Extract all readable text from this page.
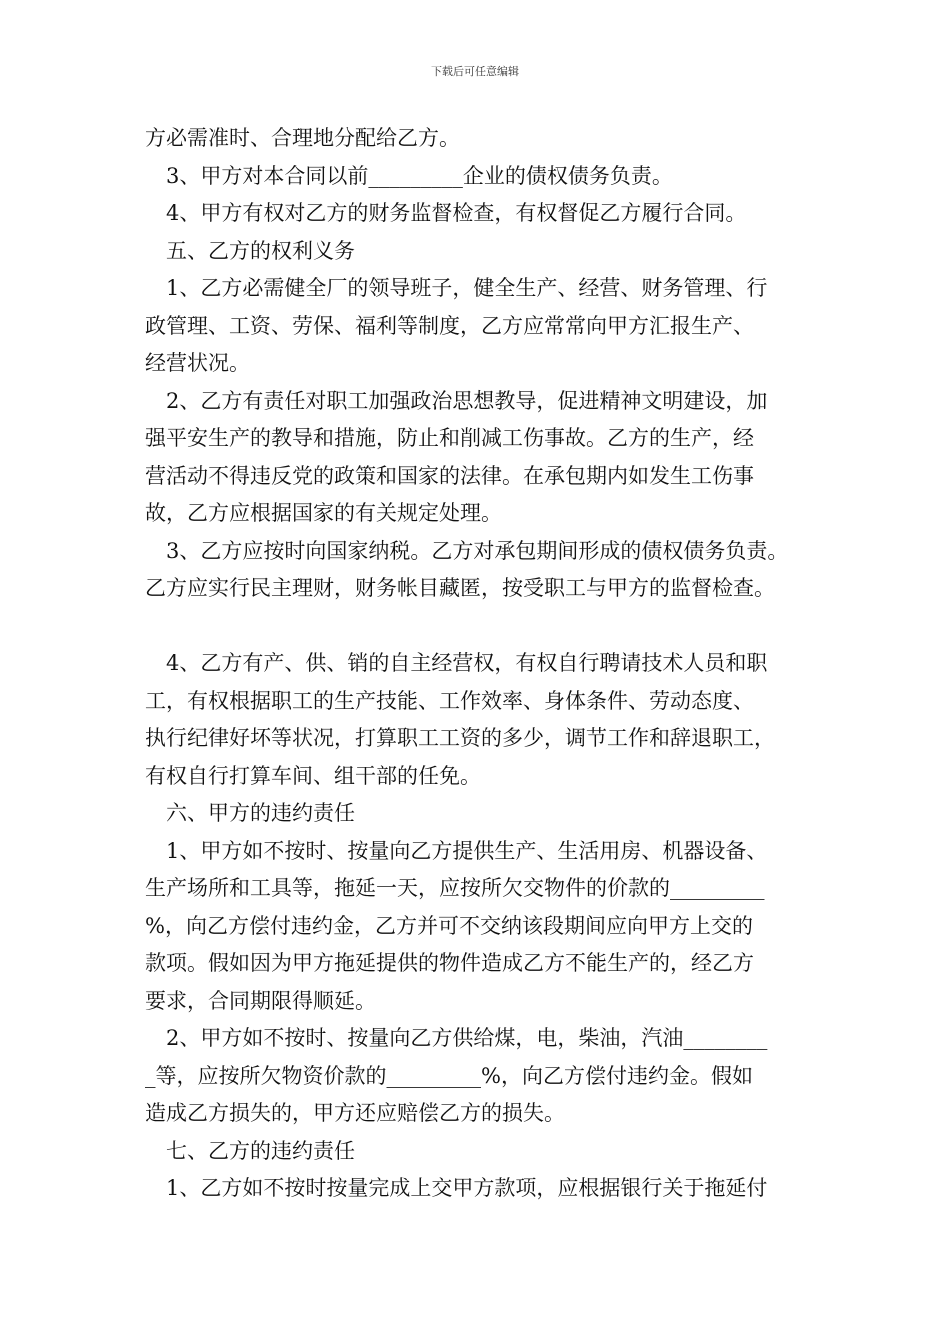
下载后可任意编辑
方必需准时、合理地分配给乙方。
3、甲方对本合同以前_________企业的债权债务负责。
4、甲方有权对乙方的财务监督检查，有权督促乙方履行合同。
五、乙方的权利义务
1、乙方必需健全厂的领导班子，健全生产、经营、财务管理、行
政管理、工资、劳保、福利等制度，乙方应常常向甲方汇报生产、
经营状况。
2、乙方有责任对职工加强政治思想教导，促进精神文明建设，加
强平安生产的教导和措施，防止和削减工伤事故。乙方的生产，经
营活动不得违反党的政策和国家的法律。在承包期内如发生工伤事
故，乙方应根据国家的有关规定处理。
3、乙方应按时向国家纳税。乙方对承包期间形成的债权债务负责。
乙方应实行民主理财，财务帐目藏匿，按受职工与甲方的监督检查。
4、乙方有产、供、销的自主经营权，有权自行聘请技术人员和职
工，有权根据职工的生产技能、工作效率、身体条件、劳动态度、
执行纪律好坏等状况，打算职工工资的多少，调节工作和辞退职工，
有权自行打算车间、组干部的任免。
六、甲方的违约责任
1、甲方如不按时、按量向乙方提供生产、生活用房、机器设备、
生产场所和工具等，拖延一天，应按所欠交物件的价款的_________
%，向乙方偿付违约金，乙方并可不交纳该段期间应向甲方上交的
款项。假如因为甲方拖延提供的物件造成乙方不能生产的，经乙方
要求，合同期限得顺延。
2、甲方如不按时、按量向乙方供给煤，电，柴油，汽油________
_等，应按所欠物资价款的_________%，向乙方偿付违约金。假如
造成乙方损失的，甲方还应赔偿乙方的损失。
七、乙方的违约责任
1、乙方如不按时按量完成上交甲方款项，应根据银行关于拖延付
